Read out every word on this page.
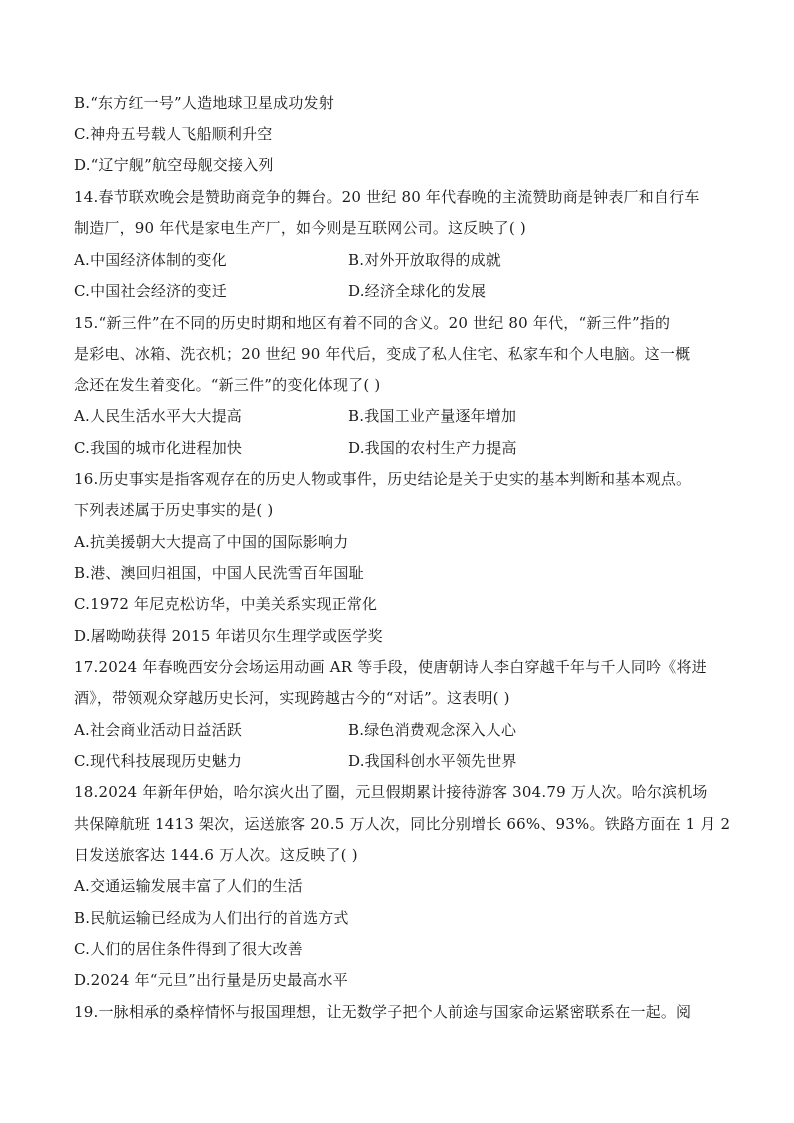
B.“东方红一号”人造地球卫星成功发射
C.神舟五号载人飞船顺利升空
D.“辽宁舰”航空母舰交接入列
14.春节联欢晚会是赞助商竞争的舞台。20 世纪 80 年代春晚的主流赞助商是钟表厂和自行车
制造厂，90 年代是家电生产厂，如今则是互联网公司。这反映了( )
A.中国经济体制的变化	B.对外开放取得的成就
C.中国社会经济的变迁	D.经济全球化的发展
15.“新三件”在不同的历史时期和地区有着不同的含义。20 世纪 80 年代，“新三件”指的
是彩电、冰箱、洗衣机；20 世纪 90 年代后，变成了私人住宅、私家车和个人电脑。这一概
念还在发生着变化。“新三件”的变化体现了( )
A.人民生活水平大大提高	B.我国工业产量逐年增加
C.我国的城市化进程加快	D.我国的农村生产力提高
16.历史事实是指客观存在的历史人物或事件，历史结论是关于史实的基本判断和基本观点。
下列表述属于历史事实的是( )
A.抗美援朝大大提高了中国的国际影响力
B.港、澳回归祖国，中国人民洗雪百年国耻
C.1972 年尼克松访华，中美关系实现正常化
D.屠呦呦获得 2015 年诺贝尔生理学或医学奖
17.2024 年春晚西安分会场运用动画 AR 等手段，使唐朝诗人李白穿越千年与千人同吟《将进
酒》，带领观众穿越历史长河，实现跨越古今的“对话”。这表明( )
A.社会商业活动日益活跃	B.绿色消费观念深入人心
C.现代科技展现历史魅力	D.我国科创水平领先世界
18.2024 年新年伊始，哈尔滨火出了圈，元旦假期累计接待游客 304.79 万人次。哈尔滨机场
共保障航班 1413 架次，运送旅客 20.5 万人次，同比分别增长 66%、93%。铁路方面在 1 月 2
日发送旅客达 144.6 万人次。这反映了( )
A.交通运输发展丰富了人们的生活
B.民航运输已经成为人们出行的首选方式
C.人们的居住条件得到了很大改善
D.2024 年“元旦”出行量是历史最高水平
19.一脉相承的桑梓情怀与报国理想，让无数学子把个人前途与国家命运紧密联系在一起。阅
